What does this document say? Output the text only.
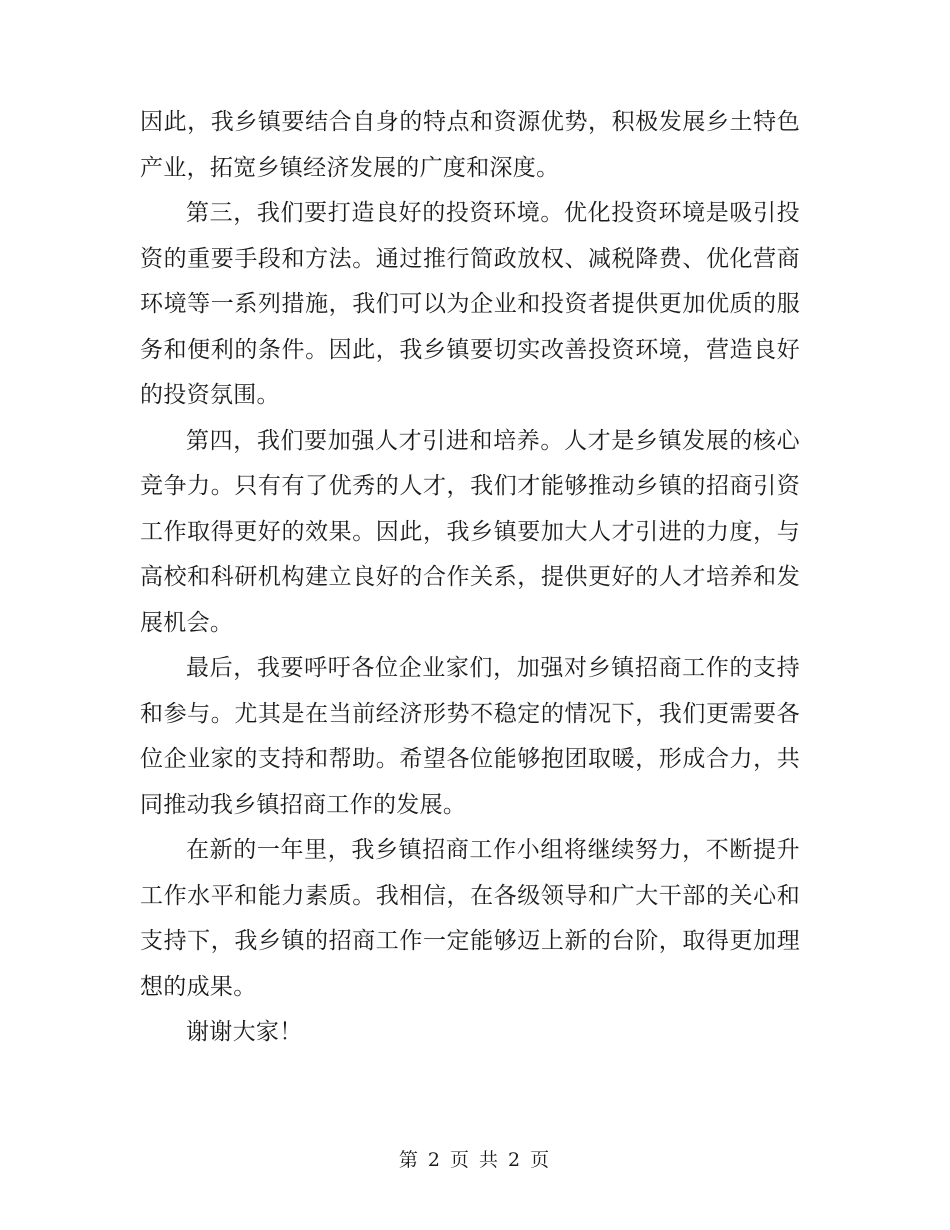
因此，我乡镇要结合自身的特点和资源优势，积极发展乡土特色产业，拓宽乡镇经济发展的广度和深度。

第三，我们要打造良好的投资环境。优化投资环境是吸引投资的重要手段和方法。通过推行简政放权、减税降费、优化营商环境等一系列措施，我们可以为企业和投资者提供更加优质的服务和便利的条件。因此，我乡镇要切实改善投资环境，营造良好的投资氛围。

第四，我们要加强人才引进和培养。人才是乡镇发展的核心竞争力。只有有了优秀的人才，我们才能够推动乡镇的招商引资工作取得更好的效果。因此，我乡镇要加大人才引进的力度，与高校和科研机构建立良好的合作关系，提供更好的人才培养和发展机会。

最后，我要呼吁各位企业家们，加强对乡镇招商工作的支持和参与。尤其是在当前经济形势不稳定的情况下，我们更需要各位企业家的支持和帮助。希望各位能够抱团取暖，形成合力，共同推动我乡镇招商工作的发展。

在新的一年里，我乡镇招商工作小组将继续努力，不断提升工作水平和能力素质。我相信，在各级领导和广大干部的关心和支持下，我乡镇的招商工作一定能够迈上新的台阶，取得更加理想的成果。

谢谢大家！

第 2 页 共 2 页
